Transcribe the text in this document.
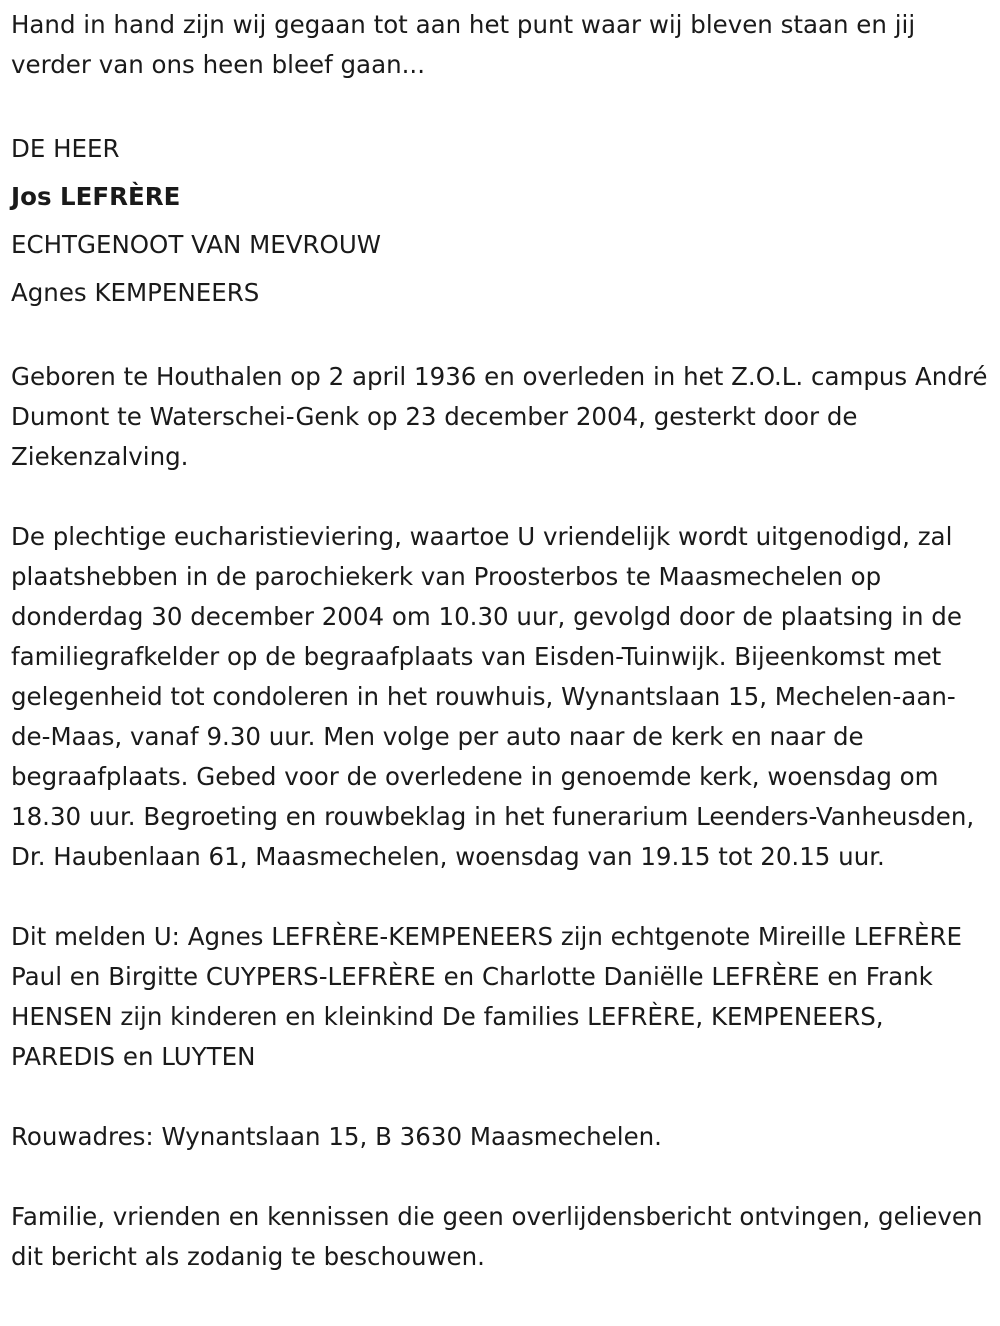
Hand in hand zijn wij gegaan tot aan het punt waar wij bleven staan en jij verder van ons heen bleef gaan...

DE HEER

Jos LEFRÈRE

ECHTGENOOT VAN MEVROUW

Agnes KEMPENEERS

Geboren te Houthalen op 2 april 1936 en overleden in het Z.O.L. campus André Dumont te Waterschei-Genk op 23 december 2004, gesterkt door de Ziekenzalving.

De plechtige eucharistieviering, waartoe U vriendelijk wordt uitgenodigd, zal plaatshebben in de parochiekerk van Proosterbos te Maasmechelen op donderdag 30 december 2004 om 10.30 uur, gevolgd door de plaatsing in de familiegrafkelder op de begraafplaats van Eisden-Tuinwijk. Bijeenkomst met gelegenheid tot condoleren in het rouwhuis, Wynantslaan 15, Mechelen-aan-de-Maas, vanaf 9.30 uur. Men volge per auto naar de kerk en naar de begraafplaats. Gebed voor de overledene in genoemde kerk, woensdag om 18.30 uur. Begroeting en rouwbeklag in het funerarium Leenders-Vanheusden, Dr. Haubenlaan 61, Maasmechelen, woensdag van 19.15 tot 20.15 uur.

Dit melden U: Agnes LEFRÈRE-KEMPENEERS zijn echtgenote Mireille LEFRÈRE Paul en Birgitte CUYPERS-LEFRÈRE en Charlotte Daniëlle LEFRÈRE en Frank HENSEN zijn kinderen en kleinkind De families LEFRÈRE, KEMPENEERS, PAREDIS en LUYTEN

Rouwadres: Wynantslaan 15, B 3630 Maasmechelen.

Familie, vrienden en kennissen die geen overlijdensbericht ontvingen, gelieven dit bericht als zodanig te beschouwen.
